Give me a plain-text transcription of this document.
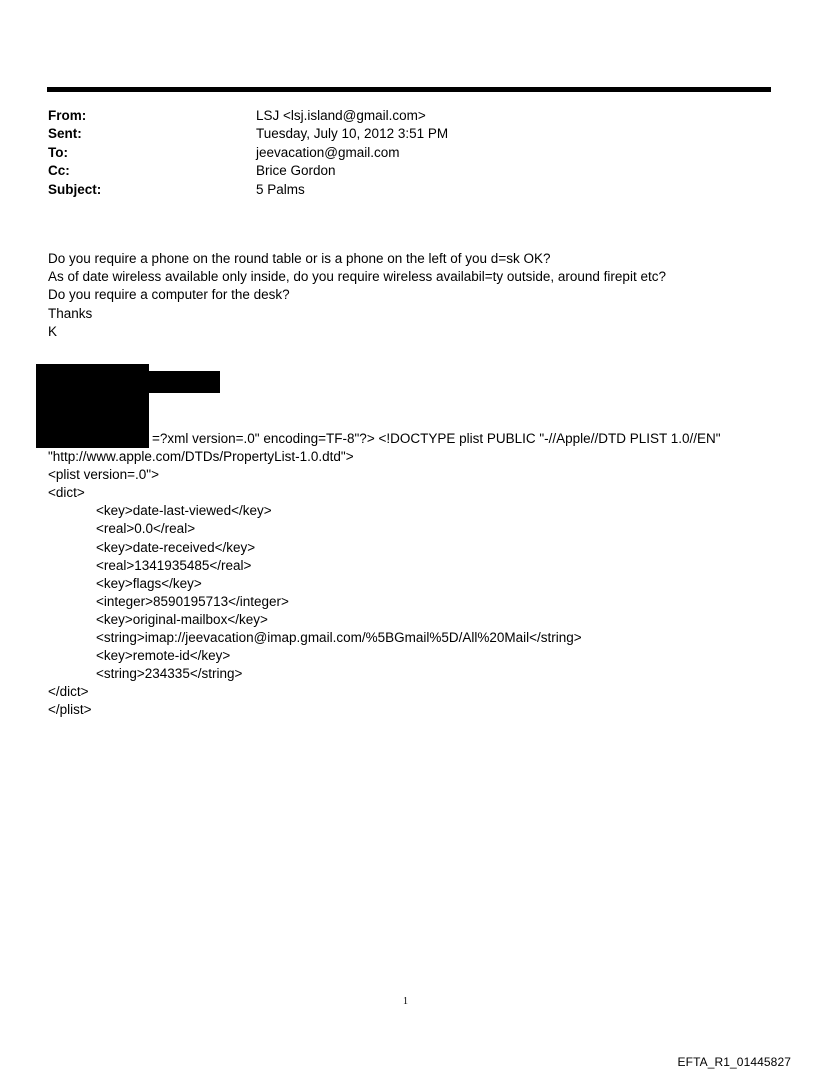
From:	LSJ <lsj.island@gmail.com>
Sent:	Tuesday, July 10, 2012 3:51 PM
To:	jeevacation@gmail.com
Cc:	Brice Gordon
Subject:	5 Palms
Do you require a phone on the round table or is a phone on the left of you d=sk OK?
As of date wireless available only inside, do you require wireless availabil=ty outside, around firepit etc?
Do you require a computer for the desk?
Thanks
K
=?xml version=.0" encoding=TF-8"?> <!DOCTYPE plist PUBLIC "-//Apple//DTD PLIST 1.0//EN"
"http://www.apple.com/DTDs/PropertyList-1.0.dtd">
<plist version=.0">
<dict>
<key>date-last-viewed</key>
<real>0.0</real>
<key>date-received</key>
<real>1341935485</real>
<key>flags</key>
<integer>8590195713</integer>
<key>original-mailbox</key>
<string>imap://jeevacation@imap.gmail.com/%5BGmail%5D/All%20Mail</string>
<key>remote-id</key>
<string>234335</string>
</dict>
</plist>
1
EFTA_R1_01445827
